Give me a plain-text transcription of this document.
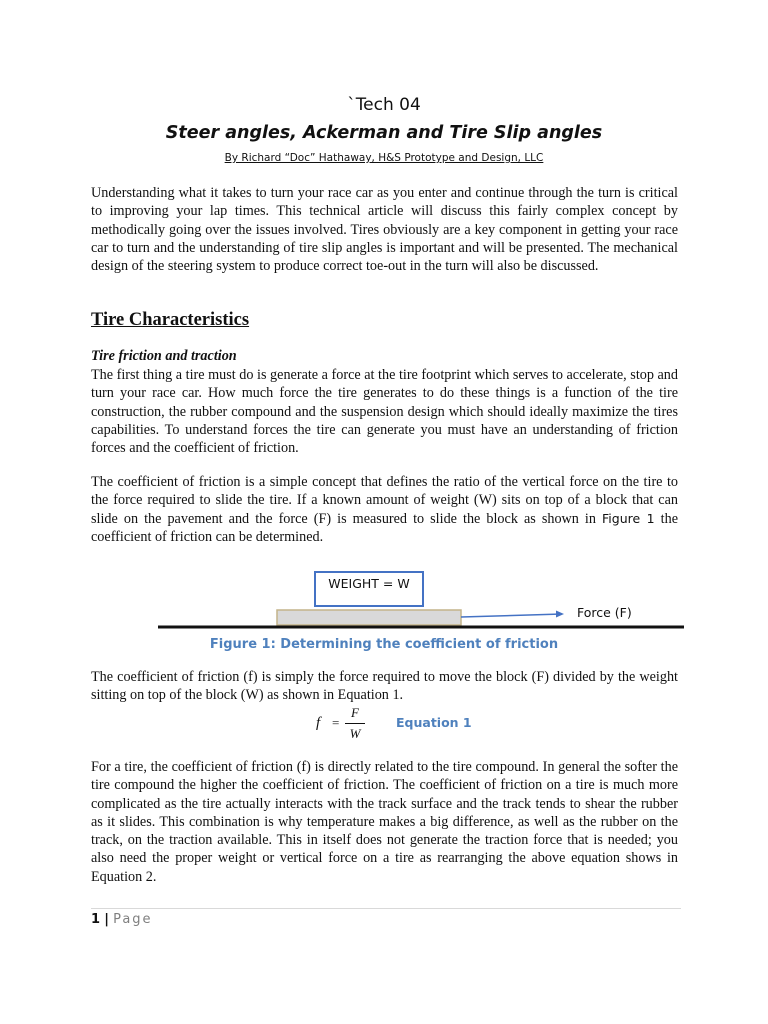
`Tech 04
Steer angles, Ackerman and Tire Slip angles
By Richard “Doc” Hathaway, H&S Prototype and Design, LLC

Understanding what it takes to turn your race car as you enter and continue through the turn is critical to improving your lap times. This technical article will discuss this fairly complex concept by methodically going over the issues involved. Tires obviously are a key component in getting your race car to turn and the understanding of tire slip angles is important and will be presented. The mechanical design of the steering system to produce correct toe-out in the turn will also be discussed.

Tire Characteristics
Tire friction and traction

The first thing a tire must do is generate a force at the tire footprint which serves to accelerate, stop and turn your race car. How much force the tire generates to do these things is a function of the tire construction, the rubber compound and the suspension design which should ideally maximize the tires capabilities. To understand forces the tire can generate you must have an understanding of friction forces and the coefficient of friction.

The coefficient of friction is a simple concept that defines the ratio of the vertical force on the tire to the force required to slide the tire. If a known amount of weight (W) sits on top of a block that can slide on the pavement and the force (F) is measured to slide the block as shown in Figure 1 the coefficient of friction can be determined.

WEIGHT = W
Force (F)
Figure 1: Determining the coefficient of friction

The coefficient of friction (f) is simply the force required to move the block (F) divided by the weight sitting on top of the block (W) as shown in Equation 1.

f =
F
W
Equation 1

For a tire, the coefficient of friction (f) is directly related to the tire compound. In general the softer the tire compound the higher the coefficient of friction. The coefficient of friction on a tire is much more complicated as the tire actually interacts with the track surface and the track tends to shear the rubber as it slides. This combination is why temperature makes a big difference, as well as the rubber on the track, on the traction available. This in itself does not generate the traction force that is needed; you also need the proper weight or vertical force on a tire as rearranging the above equation shows in Equation 2.

1 | Page
